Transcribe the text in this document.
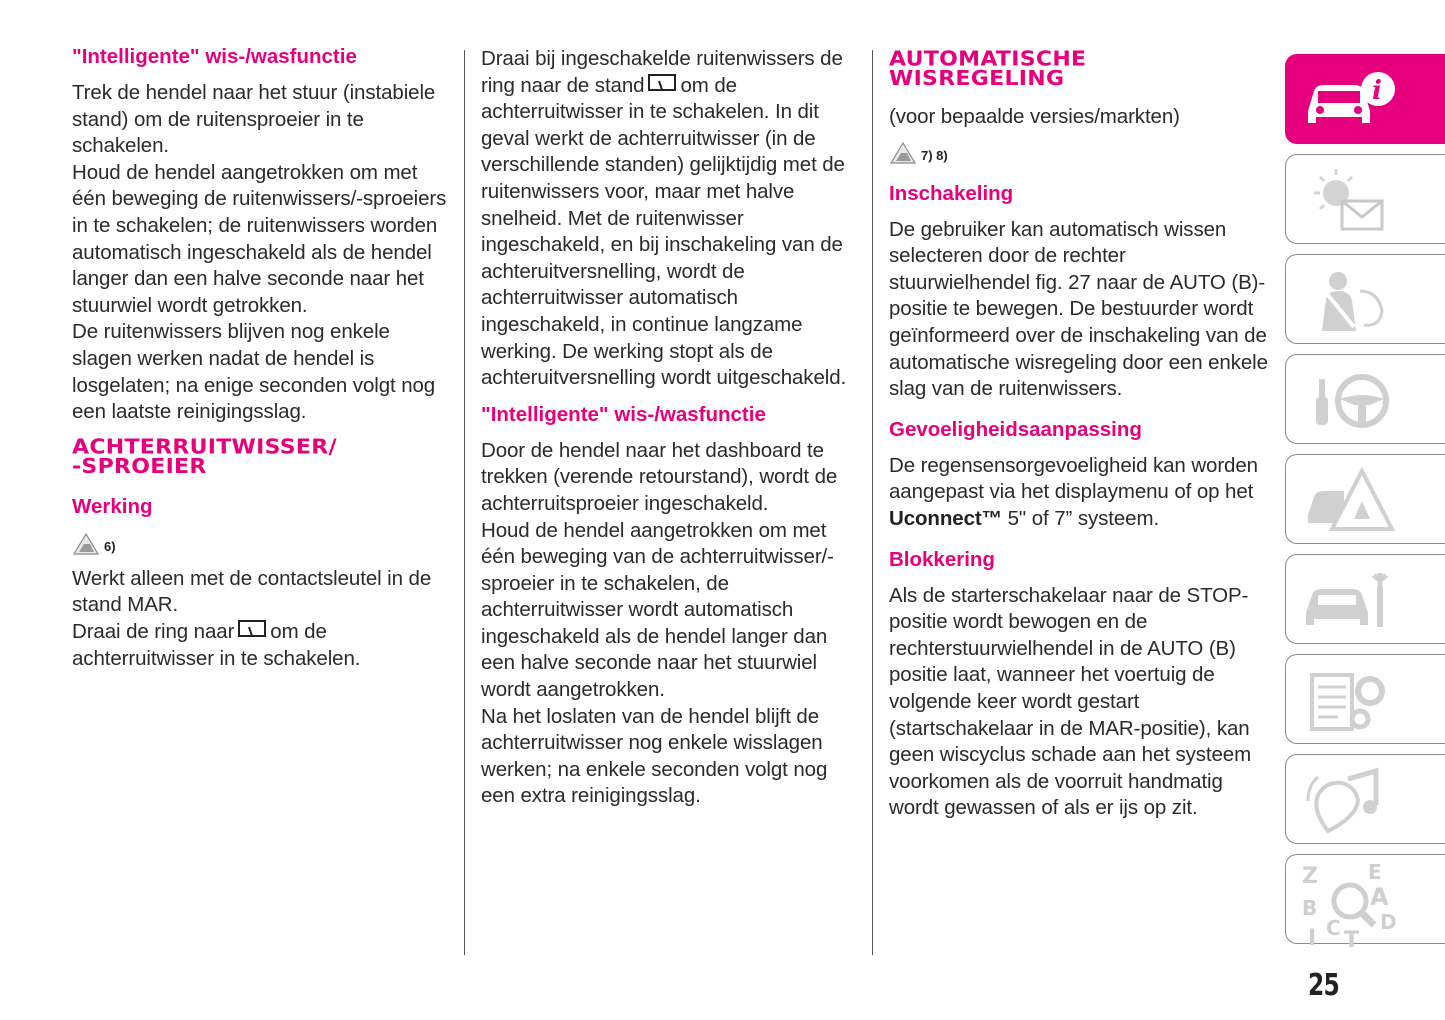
"Intelligente" wis-/wasfunctie

Trek de hendel naar het stuur (instabiele stand) om de ruitensproeier in te schakelen.

Houd de hendel aangetrokken om met één beweging de ruitenwissers/-sproeiers in te schakelen; de ruitenwissers worden automatisch ingeschakeld als de hendel langer dan een halve seconde naar het stuurwiel wordt getrokken.

De ruitenwissers blijven nog enkele slagen werken nadat de hendel is losgelaten; na enige seconden volgt nog een laatste reinigingsslag.

ACHTERRUITWISSER/
-SPROEIER
Werking
6)

Werkt alleen met de contactsleutel in de stand MAR.

Draai de ring naar om de achterruitwisser in te schakelen.

Draai bij ingeschakelde ruitenwissers de ring naar de stand om de achterruitwisser in te schakelen. In dit geval werkt de achterruitwisser (in de verschillende standen) gelijktijdig met de ruitenwissers voor, maar met halve snelheid. Met de ruitenwisser ingeschakeld, en bij inschakeling van de achteruitversnelling, wordt de achterruitwisser automatisch ingeschakeld, in continue langzame werking. De werking stopt als de achteruitversnelling wordt uitgeschakeld.

"Intelligente" wis-/wasfunctie

Door de hendel naar het dashboard te trekken (verende retourstand), wordt de achterruitsproeier ingeschakeld.

Houd de hendel aangetrokken om met één beweging van de achterruitwisser/-sproeier in te schakelen, de achterruitwisser wordt automatisch ingeschakeld als de hendel langer dan een halve seconde naar het stuurwiel wordt aangetrokken.

Na het loslaten van de hendel blijft de achterruitwisser nog enkele wisslagen werken; na enkele seconden volgt nog een extra reinigingsslag.

AUTOMATISCHE
WISREGELING

(voor bepaalde versies/markten)

7) 8)
Inschakeling

De gebruiker kan automatisch wissen selecteren door de rechter stuurwielhendel fig. 27 naar de AUTO (B)-positie te bewegen. De bestuurder wordt geïnformeerd over de inschakeling van de automatische wisregeling door een enkele slag van de ruitenwissers.

Gevoeligheidsaanpassing

De regensensorgevoeligheid kan worden aangepast via het displaymenu of op het Uconnect™ 5" of 7” systeem.

Blokkering

Als de starterschakelaar naar de STOP-positie wordt bewogen en de rechterstuurwielhendel in de AUTO (B) positie laat, wanneer het voertuig de volgende keer wordt gestart (startschakelaar in de MAR-positie), kan geen wiscyclus schade aan het systeem voorkomen als de voorruit handmatig wordt gewassen of als er ijs op zit.

i
Z	E
B A
I C T
D
25
